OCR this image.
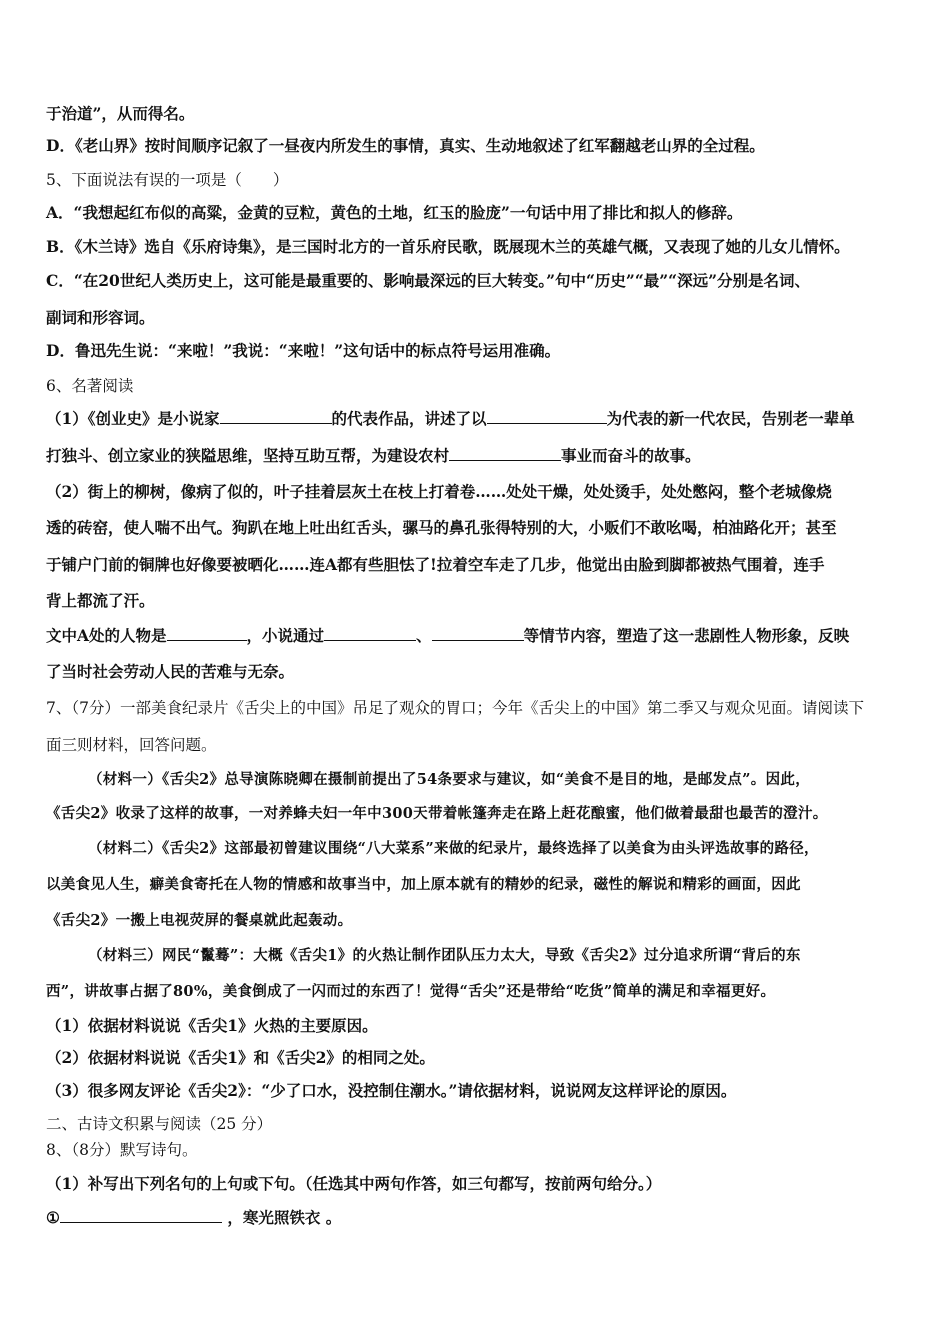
于治道”，从而得名。
D．《老山界》按时间顺序记叙了一昼夜内所发生的事情，真实、生动地叙述了红军翻越老山界的全过程。
5、下面说法有误的一项是（　　）
A．“我想起红布似的高粱，金黄的豆粒，黄色的土地，红玉的脸庞”一句话中用了排比和拟人的修辞。
B．《木兰诗》选自《乐府诗集》，是三国时北方的一首乐府民歌，既展现木兰的英雄气概，又表现了她的儿女儿情怀。
C．“在20世纪人类历史上，这可能是最重要的、影响最深远的巨大转变。”句中“历史”“最”“深远”分别是名词、
副词和形容词。
D．鲁迅先生说：“来啦！”我说：“来啦！”这句话中的标点符号运用准确。
6、名著阅读
（1）《创业史》是小说家	的代表作品，讲述了以	为代表的新一代农民，告别老一辈单
打独斗、创立家业的狭隘思维，坚持互助互帮，为建设农村	事业而奋斗的故事。
（2）街上的柳树，像病了似的，叶子挂着层灰土在枝上打着卷……处处干燥，处处烫手，处处憋闷，整个老城像烧
透的砖窑，使人喘不出气。狗趴在地上吐出红舌头，骡马的鼻孔张得特别的大，小贩们不敢吆喝，柏油路化开；甚至
于铺户门前的铜牌也好像要被晒化……连A都有些胆怯了!拉着空车走了几步，他觉出由脸到脚都被热气围着，连手
背上都流了汗。
文中A处的人物是	，小说通过	、	等情节内容，塑造了这一悲剧性人物形象，反映
了当时社会劳动人民的苦难与无奈。
7、（7分）一部美食纪录片《舌尖上的中国》吊足了观众的胃口；今年《舌尖上的中国》第二季又与观众见面。请阅读下
面三则材料，回答问题。
（材料一）《舌尖2》总导演陈晓卿在摄制前提出了54条要求与建议，如“美食不是目的地，是邮发点”。因此，
《舌尖2》收录了这样的故事，一对养蜂夫妇一年中300天带着帐篷奔走在路上赶花酿蜜，他们做着最甜也最苦的澄汁。
（材料二）《舌尖2》这部最初曾建议围绕“八大菜系”来做的纪录片，最终选择了以美食为由头评选故事的路径，
以美食见人生，癖美食寄托在人物的情感和故事当中，加上原本就有的精妙的纪录，磁性的解说和精彩的画面，因此
《舌尖2》一搬上电视荧屏的餐桌就此起轰动。
（材料三）网民“鬣蓦”：大概《舌尖1》的火热让制作团队压力太大，导致《舌尖2》过分追求所谓“背后的东
西”，讲故事占据了80%，美食倒成了一闪而过的东西了！觉得“舌尖”还是带给“吃货”简单的满足和幸福更好。
（1）依据材料说说《舌尖1》火热的主要原因。
（2）依据材料说说《舌尖1》和《舌尖2》的相同之处。
（3）很多网友评论《舌尖2》：“少了口水，没控制住潮水。”请依据材料，说说网友这样评论的原因。
二、古诗文积累与阅读（25 分）
8、（8分）默写诗句。
（1）补写出下列名句的上句或下句。（任选其中两句作答，如三句都写，按前两句给分。）
①	，寒光照铁衣 。
